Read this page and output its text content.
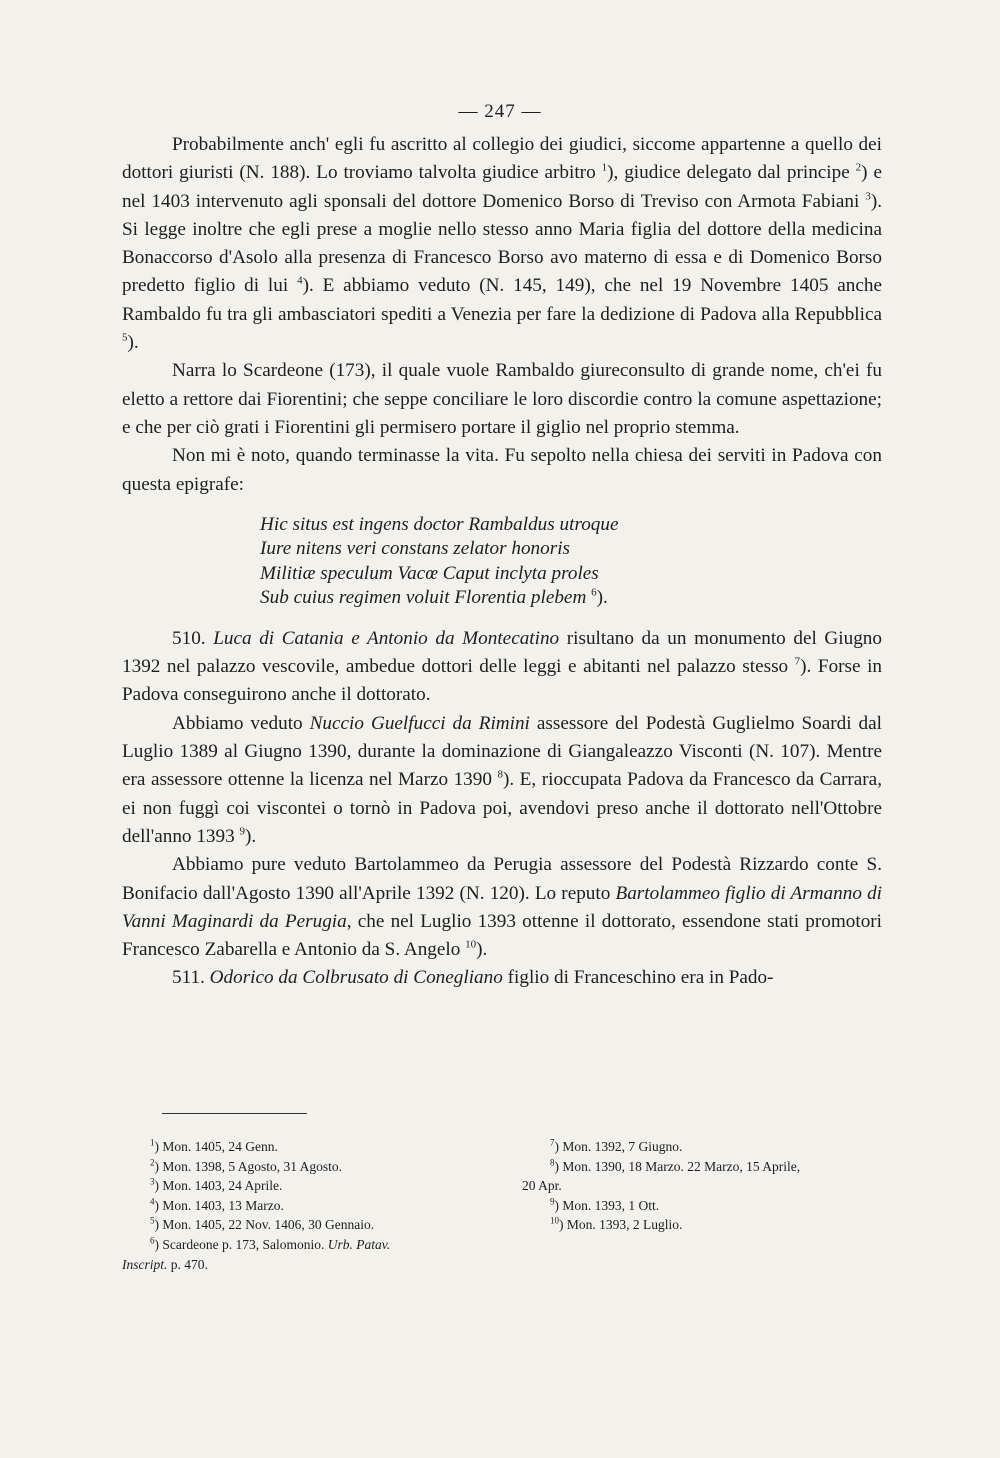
— 247 —

Probabilmente anch' egli fu ascritto al collegio dei giudici, siccome appartenne a quello dei dottori giuristi (N. 188). Lo troviamo talvolta giudice arbitro $^1$), giudice delegato dal principe $^2$) e nel 1403 intervenuto agli sponsali del dottore Domenico Borso di Treviso con Armota Fabiani $^3$). Si legge inoltre che egli prese a moglie nello stesso anno Maria figlia del dottore della medicina Bonaccorso d'Asolo alla presenza di Francesco Borso avo materno di essa e di Domenico Borso predetto figlio di lui $^4$). E abbiamo veduto (N. 145, 149), che nel 19 Novembre 1405 anche Rambaldo fu tra gli ambasciatori spediti a Venezia per fare la dedizione di Padova alla Repubblica $^5$).

Narra lo Scardeone (173), il quale vuole Rambaldo giureconsulto di grande nome, ch'ei fu eletto a rettore dai Fiorentini; che seppe conciliare le loro discordie contro la comune aspettazione; e che per ciò grati i Fiorentini gli permisero portare il giglio nel proprio stemma.

Non mi è noto, quando terminasse la vita. Fu sepolto nella chiesa dei serviti in Padova con questa epigrafe:

Hic situs est ingens doctor Rambaldus utroque
Iure nitens veri constans zelator honoris
Militiæ speculum Vacœ Caput inclyta proles
Sub cuius regimen voluit Florentia plebem $^6$).

510. Luca di Catania e Antonio da Montecatino risultano da un monumento del Giugno 1392 nel palazzo vescovile, ambedue dottori delle leggi e abitanti nel palazzo stesso $^7$). Forse in Padova conseguirono anche il dottorato.

Abbiamo veduto Nuccio Guelfucci da Rimini assessore del Podestà Guglielmo Soardi dal Luglio 1389 al Giugno 1390, durante la dominazione di Giangaleazzo Visconti (N. 107). Mentre era assessore ottenne la licenza nel Marzo 1390 $^8$). E, rioccupata Padova da Francesco da Carrara, ei non fuggì coi viscontei o tornò in Padova poi, avendovi preso anche il dottorato nell'Ottobre dell'anno 1393 $^9$).

Abbiamo pure veduto Bartolammeo da Perugia assessore del Podestà Rizzardo conte S. Bonifacio dall'Agosto 1390 all'Aprile 1392 (N. 120). Lo reputo Bartolammeo figlio di Armanno di Vanni Maginardi da Perugia, che nel Luglio 1393 ottenne il dottorato, essendone stati promotori Francesco Zabarella e Antonio da S. Angelo $^{10}$).

511. Odorico da Colbrusato di Conegliano figlio di Franceschino era in Pado-

$^1$) Mon. 1405, 24 Genn.
$^2$) Mon. 1398, 5 Agosto, 31 Agosto.
$^3$) Mon. 1403, 24 Aprile.
$^4$) Mon. 1403, 13 Marzo.
$^5$) Mon. 1405, 22 Nov. 1406, 30 Gennaio.
$^6$) Scardeone p. 173, Salomonio. Urb. Patav.
Inscript. p. 470.
$^7$) Mon. 1392, 7 Giugno.
$^8$) Mon. 1390, 18 Marzo. 22 Marzo, 15 Aprile,
20 Apr.
$^9$) Mon. 1393, 1 Ott.
$^{10}$) Mon. 1393, 2 Luglio.
